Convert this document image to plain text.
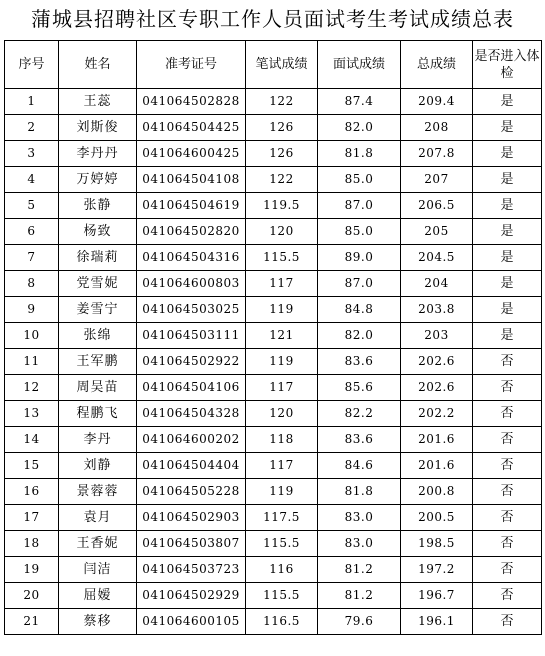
蒲城县招聘社区专职工作人员面试考生考试成绩总表
序号	姓名	准考证号	笔试成绩	面试成绩	总成绩	是否进入体检
1	王蕊	041064502828	122	87.4	209.4	是
2	刘斯俊	041064504425	126	82.0	208	是
3	李丹丹	041064600425	126	81.8	207.8	是
4	万婷婷	041064504108	122	85.0	207	是
5	张静	041064504619	119.5	87.0	206.5	是
6	杨致	041064502820	120	85.0	205	是
7	徐瑞莉	041064504316	115.5	89.0	204.5	是
8	党雪妮	041064600803	117	87.0	204	是
9	姜雪宁	041064503025	119	84.8	203.8	是
10	张绵	041064503111	121	82.0	203	是
11	王军鹏	041064502922	119	83.6	202.6	否
12	周吴苗	041064504106	117	85.6	202.6	否
13	程鹏飞	041064504328	120	82.2	202.2	否
14	李丹	041064600202	118	83.6	201.6	否
15	刘静	041064504404	117	84.6	201.6	否
16	景蓉蓉	041064505228	119	81.8	200.8	否
17	袁月	041064502903	117.5	83.0	200.5	否
18	王香妮	041064503807	115.5	83.0	198.5	否
19	闫洁	041064503723	116	81.2	197.2	否
20	屈嫒	041064502929	115.5	81.2	196.7	否
21	蔡移	041064600105	116.5	79.6	196.1	否
